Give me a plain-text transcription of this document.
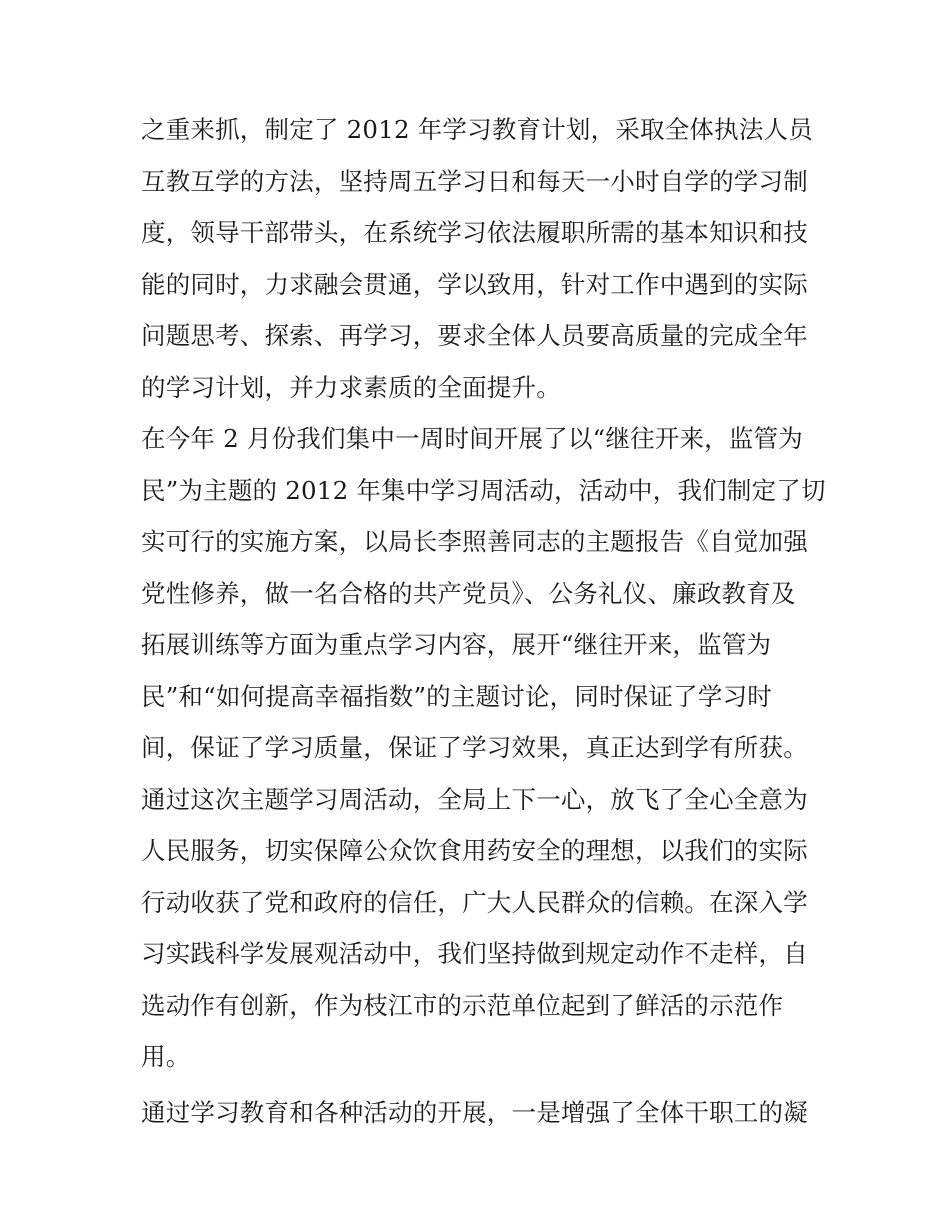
之重来抓，制定了 2012 年学习教育计划，采取全体执法人员
互教互学的方法，坚持周五学习日和每天一小时自学的学习制
度，领导干部带头，在系统学习依法履职所需的基本知识和技
能的同时，力求融会贯通，学以致用，针对工作中遇到的实际
问题思考、探索、再学习，要求全体人员要高质量的完成全年
的学习计划，并力求素质的全面提升。
在今年 2 月份我们集中一周时间开展了以“继往开来，监管为
民”为主题的 2012 年集中学习周活动，活动中，我们制定了切
实可行的实施方案，以局长李照善同志的主题报告《自觉加强
党性修养，做一名合格的共产党员》、公务礼仪、廉政教育及
拓展训练等方面为重点学习内容，展开“继往开来，监管为
民”和“如何提高幸福指数”的主题讨论，同时保证了学习时
间，保证了学习质量，保证了学习效果，真正达到学有所获。
通过这次主题学习周活动，全局上下一心，放飞了全心全意为
人民服务，切实保障公众饮食用药安全的理想，以我们的实际
行动收获了党和政府的信任，广大人民群众的信赖。在深入学
习实践科学发展观活动中，我们坚持做到规定动作不走样，自
选动作有创新，作为枝江市的示范单位起到了鲜活的示范作
用。
通过学习教育和各种活动的开展，一是增强了全体干职工的凝
